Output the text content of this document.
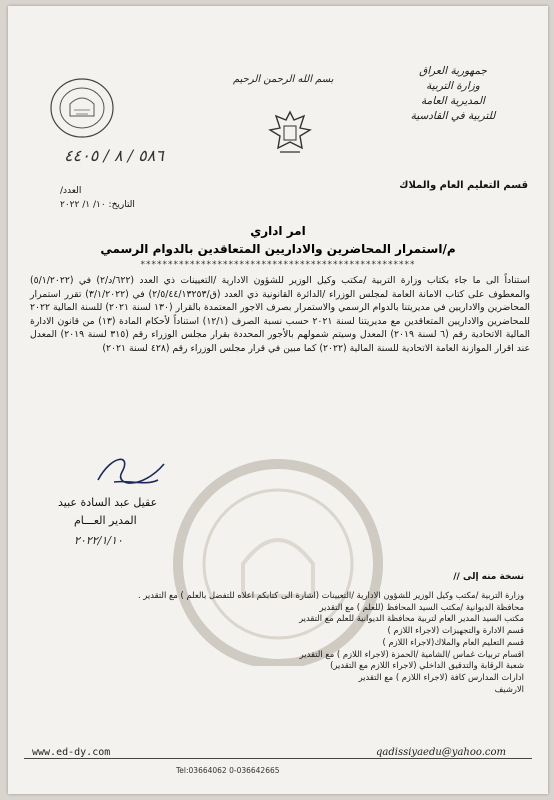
جمهورية العراق
وزارة التربية
المديرية العامة
للتربية في القادسية
بسم الله الرحمن الرحيم
٥٨٦ / ٨ / ٤٤٠٥
قسم التعليم العام والملاك
العدد/
التاريخ: ١٠/ ١/ ٢٠٢٢
امر اداري
م/استمرار المحاضرين والاداريين المتعاقدين بالدوام الرسمي
**************************************************
استناداً الى ما جاء بكتاب وزارة التربية /مكتب وكيل الوزير للشؤون الادارية /التعيينات ذي العدد (٦٢٢/د/٢) في (٥/١/٢٠٢٢) والمعطوف على كتاب الامانة العامة لمجلس الوزراء /الدائرة القانونية ذي العدد (ق/٢/٥/٤٤/١٣٢٥٣) في (٣/١/٢٠٢٢) تقرر استمرار المحاضرين والاداريين في مديريتنا بالدوام الرسمي والاستمرار بصرف الاجور المعتمدة بالقرار (١٣٠ لسنة ٢٠٢١) للسنة المالية ٢٠٢٢ للمحاضرين والاداريين المتعاقدين مع مديريتنا لسنة ٢٠٢١ حسب نسبة الصرف (١٢/١) استناداً لأحكام المادة (١٣) من قانون الادارة المالية الاتحادية رقم (٦ لسنة ٢٠١٩) المعدل وسيتم شمولهم بالأجور المحددة بقرار مجلس الوزراء رقم (٣١٥ لسنة ٢٠١٩) المعدل عند اقرار الموازنة العامة الاتحادية للسنة المالية (٢٠٢٢) كما مبين في قرار مجلس الوزراء رقم (٤٢٨ لسنة ٢٠٢١)
عقيل عبد السادة عبيد
المدير العـــام
٢٠٢٢/١/١٠
نسخة منه إلى //
وزارة التربية /مكتب وكيل الوزير للشؤون الادارية /التعيينات (اشارة الى كتابكم اعلاه للتفضل بالعلم ) مع التقدير .
محافظة الديوانية /مكتب السيد المحافظ (للعلم ) مع التقدير
مكتب السيد المدير العام لتربية محافظة الديوانية للعلم مع التقدير
قسم الادارة والتجهيزات (لاجراء اللازم )
قسم التعليم العام والملاك(لاجراء اللازم )
اقسام تربيات غماس /الشامية /الحمزة (لاجراء اللازم ) مع التقدير
شعبة الرقابة والتدقيق الداخلي (لاجراء اللازم مع التقدير)
ادارات المدارس كافة (لاجراء اللازم ) مع التقدير
الارشيف
www.ed-dy.com	qadissiyaedu@yahoo.com
Tel:03664062 0-036642665
